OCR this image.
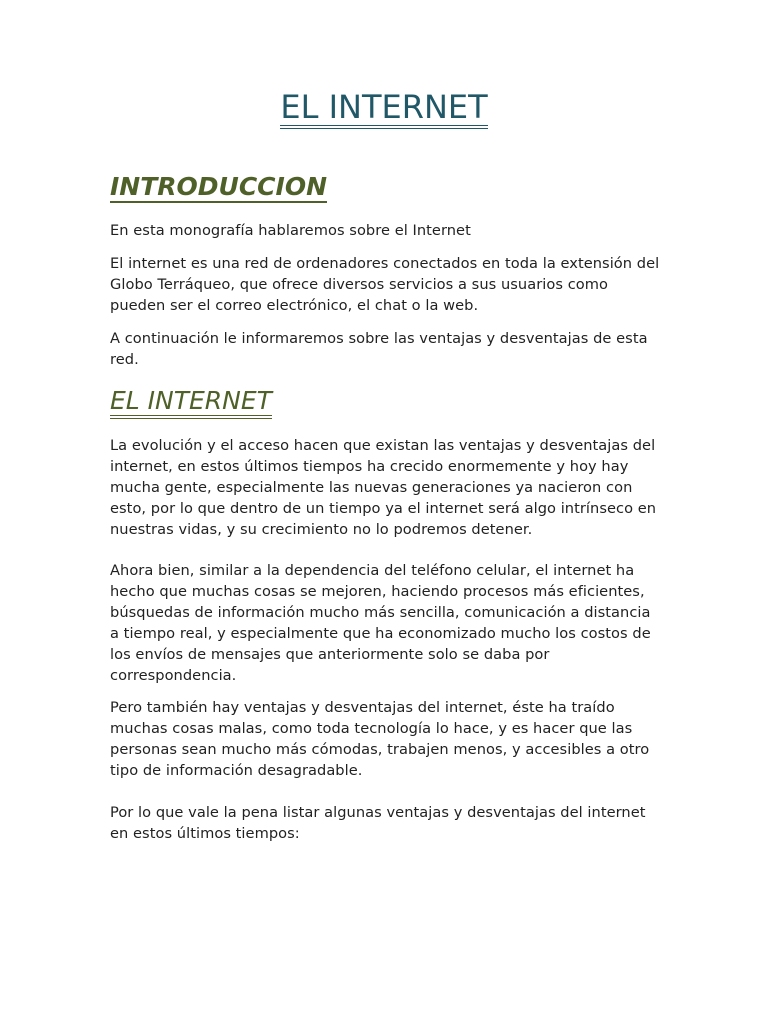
EL INTERNET
INTRODUCCION

En esta monografía hablaremos sobre el Internet

El internet es una red de ordenadores conectados en toda la extensión del Globo Terráqueo, que ofrece diversos servicios a sus usuarios como pueden ser el correo electrónico, el chat o la web.

A continuación le informaremos sobre las ventajas y desventajas de esta red.

EL INTERNET

La evolución y el acceso hacen que existan las ventajas y desventajas del internet, en estos últimos tiempos ha crecido enormemente y hoy hay mucha gente, especialmente las nuevas generaciones ya nacieron con esto, por lo que dentro de un tiempo ya el internet será algo intrínseco en nuestras vidas, y su crecimiento no lo podremos detener.

Ahora bien, similar a la dependencia del teléfono celular, el internet ha hecho que muchas cosas se mejoren, haciendo procesos más eficientes, búsquedas de información mucho más sencilla, comunicación a distancia a tiempo real, y especialmente que ha economizado mucho los costos de los envíos de mensajes que anteriormente solo se daba por correspondencia.

Pero también hay ventajas y desventajas del internet, éste ha traído muchas cosas malas, como toda tecnología lo hace, y es hacer que las personas sean mucho más cómodas, trabajen menos, y accesibles a otro tipo de información desagradable.

Por lo que vale la pena listar algunas ventajas y desventajas del internet en estos últimos tiempos:
